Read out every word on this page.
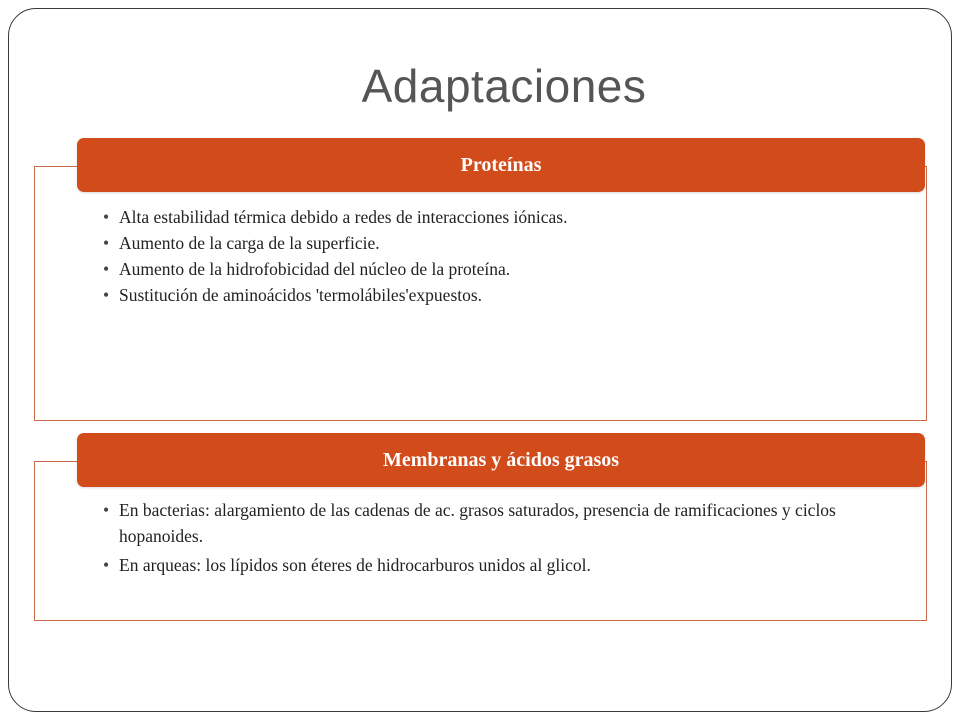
Adaptaciones
Proteínas
• Alta estabilidad térmica debido a redes de interacciones iónicas.
• Aumento de la carga de la superficie.
• Aumento de la hidrofobicidad del núcleo de la proteína.
• Sustitución de aminoácidos 'termolábiles'expuestos.
Membranas y ácidos grasos
• En bacterias: alargamiento de las cadenas de ac. grasos saturados, presencia de ramificaciones y ciclos hopanoides.
• En arqueas: los lípidos son éteres de hidrocarburos unidos al glicol.
